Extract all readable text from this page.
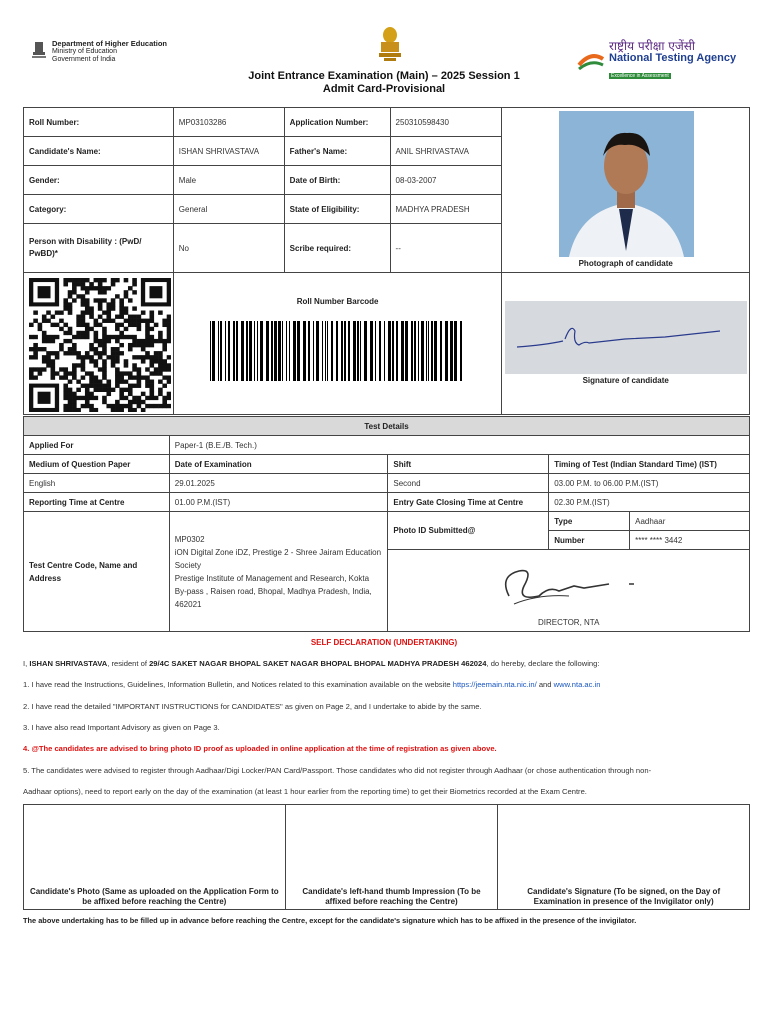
Department of Higher Education
Ministry of Education
Government of India
राष्ट्रीय परीक्षा एजेंसी
National Testing Agency
Excellence in Assessment
Joint Entrance Examination (Main) – 2025 Session 1
Admit Card-Provisional
Roll Number:	MP03103286	Application Number:	250310598430	Photograph of candidate

Candidate's Name:	ISHAN SHRIVASTAVA	Father's Name:	ANIL SHRIVASTAVA	
Gender:	Male	Date of Birth:	08-03-2007	
Category:	General	State of Eligibility:	MADHYA PRADESH	
Person with Disability : (PwD/ PwBD)*	No	Scribe required:	--	

	Roll Number Barcode			Signature of candidate
Test Details				
Applied For	Paper-1 (B.E./B. Tech.)			
Medium of Question Paper	Date of Examination	Shift	Timing of Test (Indian Standard Time) (IST)	
English	29.01.2025	Second	03.00 P.M. to 06.00 P.M.(IST)	
Reporting Time at Centre	01.00 P.M.(IST)	Entry Gate Closing Time at Centre	02.30 P.M.(IST)	
Test Centre Code, Name and Address	MP0302
iON Digital Zone iDZ, Prestige 2 - Shree Jairam Education Society
Prestige Institute of Management and Research, Kokta By-pass , Raisen road, Bhopal, Madhya Pradesh, India, 462021	Photo ID Submitted@	Type	Aadhaar
			Number	**** **** 3442

		DIRECTOR, NTA		
SELF DECLARATION (UNDERTAKING)
I, ISHAN SHRIVASTAVA, resident of 29/4C SAKET NAGAR BHOPAL SAKET NAGAR BHOPAL BHOPAL MADHYA PRADESH 462024, do hereby, declare the following:
1. I have read the Instructions, Guidelines, Information Bulletin, and Notices related to this examination available on the website https://jeemain.nta.nic.in/ and www.nta.ac.in
2. I have read the detailed "IMPORTANT INSTRUCTIONS for CANDIDATES" as given on Page 2, and I undertake to abide by the same.
3. I have also read Important Advisory as given on Page 3.
4. @The candidates are advised to bring photo ID proof as uploaded in online application at the time of registration as given above.
5. The candidates were advised to register through Aadhaar/Digi Locker/PAN Card/Passport. Those candidates who did not register through Aadhaar (or chose authentication through non-
Aadhaar options), need to report early on the day of the examination (at least 1 hour earlier from the reporting time) to get their Biometrics recorded at the Exam Centre.
Candidate's Photo (Same as uploaded on the Application Form to be affixed before reaching the Centre)	Candidate's left-hand thumb Impression (To be affixed before reaching the Centre)	Candidate's Signature (To be signed, on the Day of Examination in presence of the Invigilator only)
The above undertaking has to be filled up in advance before reaching the Centre, except for the candidate's signature which has to be affixed in the presence of the invigilator.
